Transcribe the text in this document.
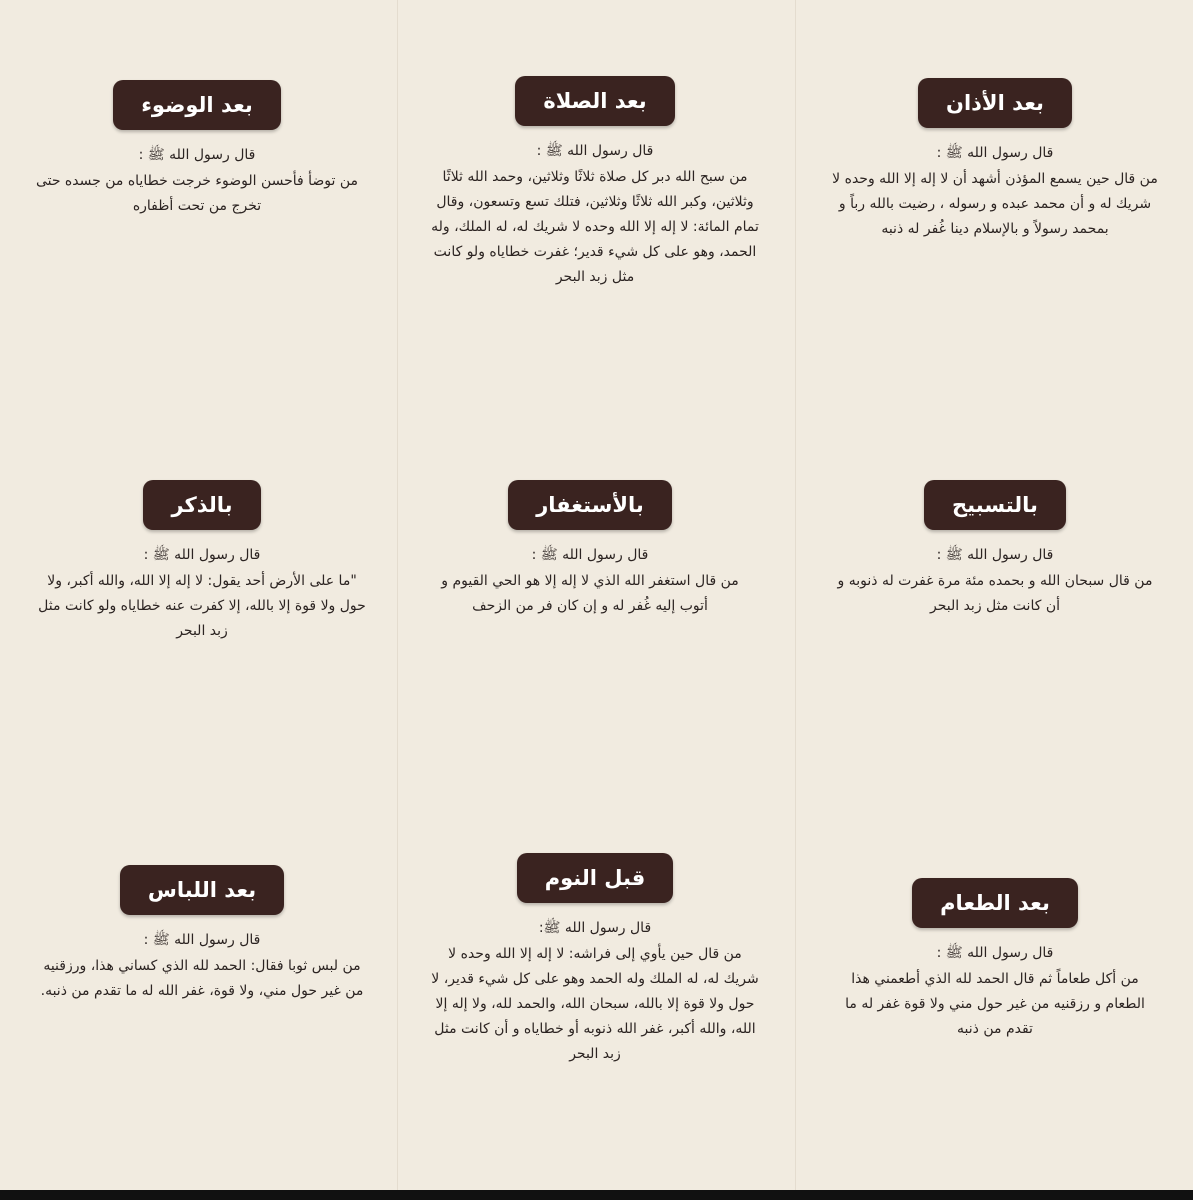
بعد الأذان
قال رسول الله ﷺ :
من قال حين يسمع المؤذن أشهد أن لا إله إلا الله وحده لا شريك له و أن محمد عبده و رسوله ، رضيت بالله رباً و بمحمد رسولاً و بالإسلام دينا غُفر له ذنبه
بعد الصلاة
قال رسول الله ﷺ :
من سبح الله دبر كل صلاة ثلاثًا وثلاثين، وحمد الله ثلاثًا وثلاثين، وكبر الله ثلاثًا وثلاثين، فتلك تسع وتسعون، وقال تمام المائة: لا إله إلا الله وحده لا شريك له، له الملك، وله الحمد، وهو على كل شيء قدير؛ غفرت خطاياه ولو كانت مثل زبد البحر
بعد الوضوء
قال رسول الله ﷺ :
من توضأ فأحسن الوضوء خرجت خطاياه من جسده حتى تخرج من تحت أظفاره
بالتسبيح
قال رسول الله ﷺ :
من قال سبحان الله و بحمده مئة مرة غفرت له ذنوبه و أن كانت مثل زبد البحر
بالأستغفار
قال رسول الله ﷺ :
من قال استغفر الله الذي لا إله إلا هو الحي القيوم و أتوب إليه غُفر له و إن كان فر من الزحف
بالذكر
قال رسول الله ﷺ :
"ما على الأرض أحد يقول: لا إله إلا الله، والله أكبر، ولا حول ولا قوة إلا بالله، إلا كفرت عنه خطاياه ولو كانت مثل زبد البحر
بعد الطعام
قال رسول الله ﷺ :
من أكل طعاماً ثم قال الحمد لله الذي أطعمني هذا الطعام و رزقنيه من غير حول مني ولا قوة غفر له ما تقدم من ذنبه
قبل النوم
قال رسول الله ﷺ:
من قال حين يأوي إلى فراشه: لا إله إلا الله وحده لا شريك له، له الملك وله الحمد وهو على كل شيء قدير، لا حول ولا قوة إلا بالله، سبحان الله، والحمد لله، ولا إله إلا الله، والله أكبر، غفر الله ذنوبه أو خطاياه و أن كانت مثل زبد البحر
بعد اللباس
قال رسول الله ﷺ :
من لبس ثوبا فقال: الحمد لله الذي كساني هذا، ورزقنيه من غير حول مني، ولا قوة، غفر الله له ما تقدم من ذنبه.
